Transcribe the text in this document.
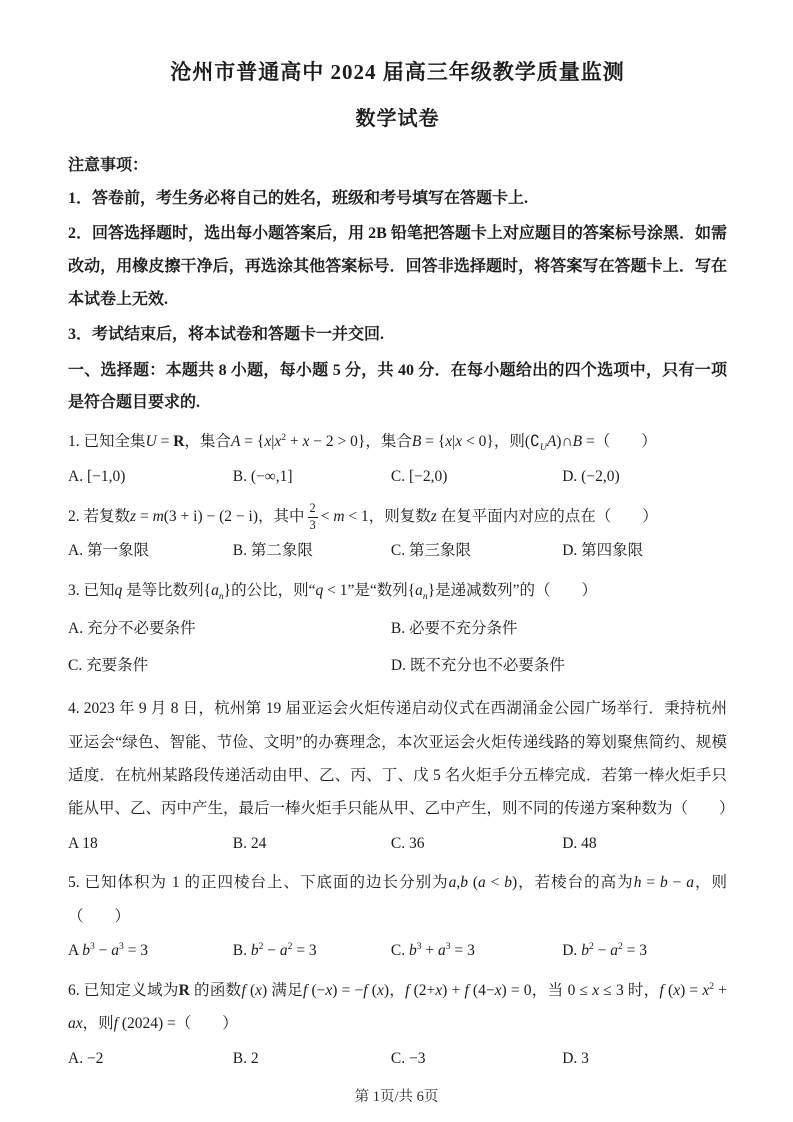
沧州市普通高中 2024 届高三年级教学质量监测
数学试卷

注意事项：

1．答卷前，考生务必将自己的姓名，班级和考号填写在答题卡上.

2．回答选择题时，选出每小题答案后，用 2B 铅笔把答题卡上对应题目的答案标号涂黑．如需改动，用橡皮擦干净后，再选涂其他答案标号．回答非选择题时，将答案写在答题卡上．写在本试卷上无效.

3．考试结束后，将本试卷和答题卡一并交回.

一、选择题：本题共 8 小题，每小题 5 分，共 40 分．在每小题给出的四个选项中，只有一项是符合题目要求的.

1. 已知全集U = R，集合$A = \{x|x^2 + x - 2 > 0\}$，集合B = {x|x < 0}，则$(∁_UA)\cap B$ =（　　）

A. [−1,0)	B. (−∞,1]	C. [−2,0)	D. (−2,0)

2. 若复数z = m(3 + i) − (2 − i)，其中 $\frac{2}{3} < m < 1$，则复数z 在复平面内对应的点在（　　）

A. 第一象限	B. 第二象限	C. 第三象限	D. 第四象限

3. 已知q 是等比数列$\{a_n\}$的公比，则“q < 1”是“数列$\{a_n\}$是递减数列”的（　　）

A. 充分不必要条件	B. 必要不充分条件
C. 充要条件	D. 既不充分也不必要条件

4. 2023 年 9 月 8 日，杭州第 19 届亚运会火炬传递启动仪式在西湖涌金公园广场举行．秉持杭州亚运会“绿色、智能、节俭、文明”的办赛理念，本次亚运会火炬传递线路的筹划聚焦简约、规模适度．在杭州某路段传递活动由甲、乙、丙、丁、戊 5 名火炬手分五棒完成．若第一棒火炬手只能从甲、乙、丙中产生，最后一棒火炬手只能从甲、乙中产生，则不同的传递方案种数为（　　）

A 18	B. 24	C. 36	D. 48

5. 已知体积为 1 的正四棱台上、下底面的边长分别为a,b (a < b)，若棱台的高为h = b − a，则（　　）

A $b^3 - a^3 = 3$	B. $b^2 - a^2 = 3$	C. $b^3 + a^3 = 3$	D. $b^2 - a^2 = 3$

6. 已知定义域为R 的函数f (x) 满足f (−x) = −f (x)，f (2+x) + f (4−x) = 0，当 0 ≤ x ≤ 3 时，f $(x) = x^2$ + ax，则f (2024) =（　　）

A. −2	B. 2	C. −3	D. 3
第 1页/共 6页
